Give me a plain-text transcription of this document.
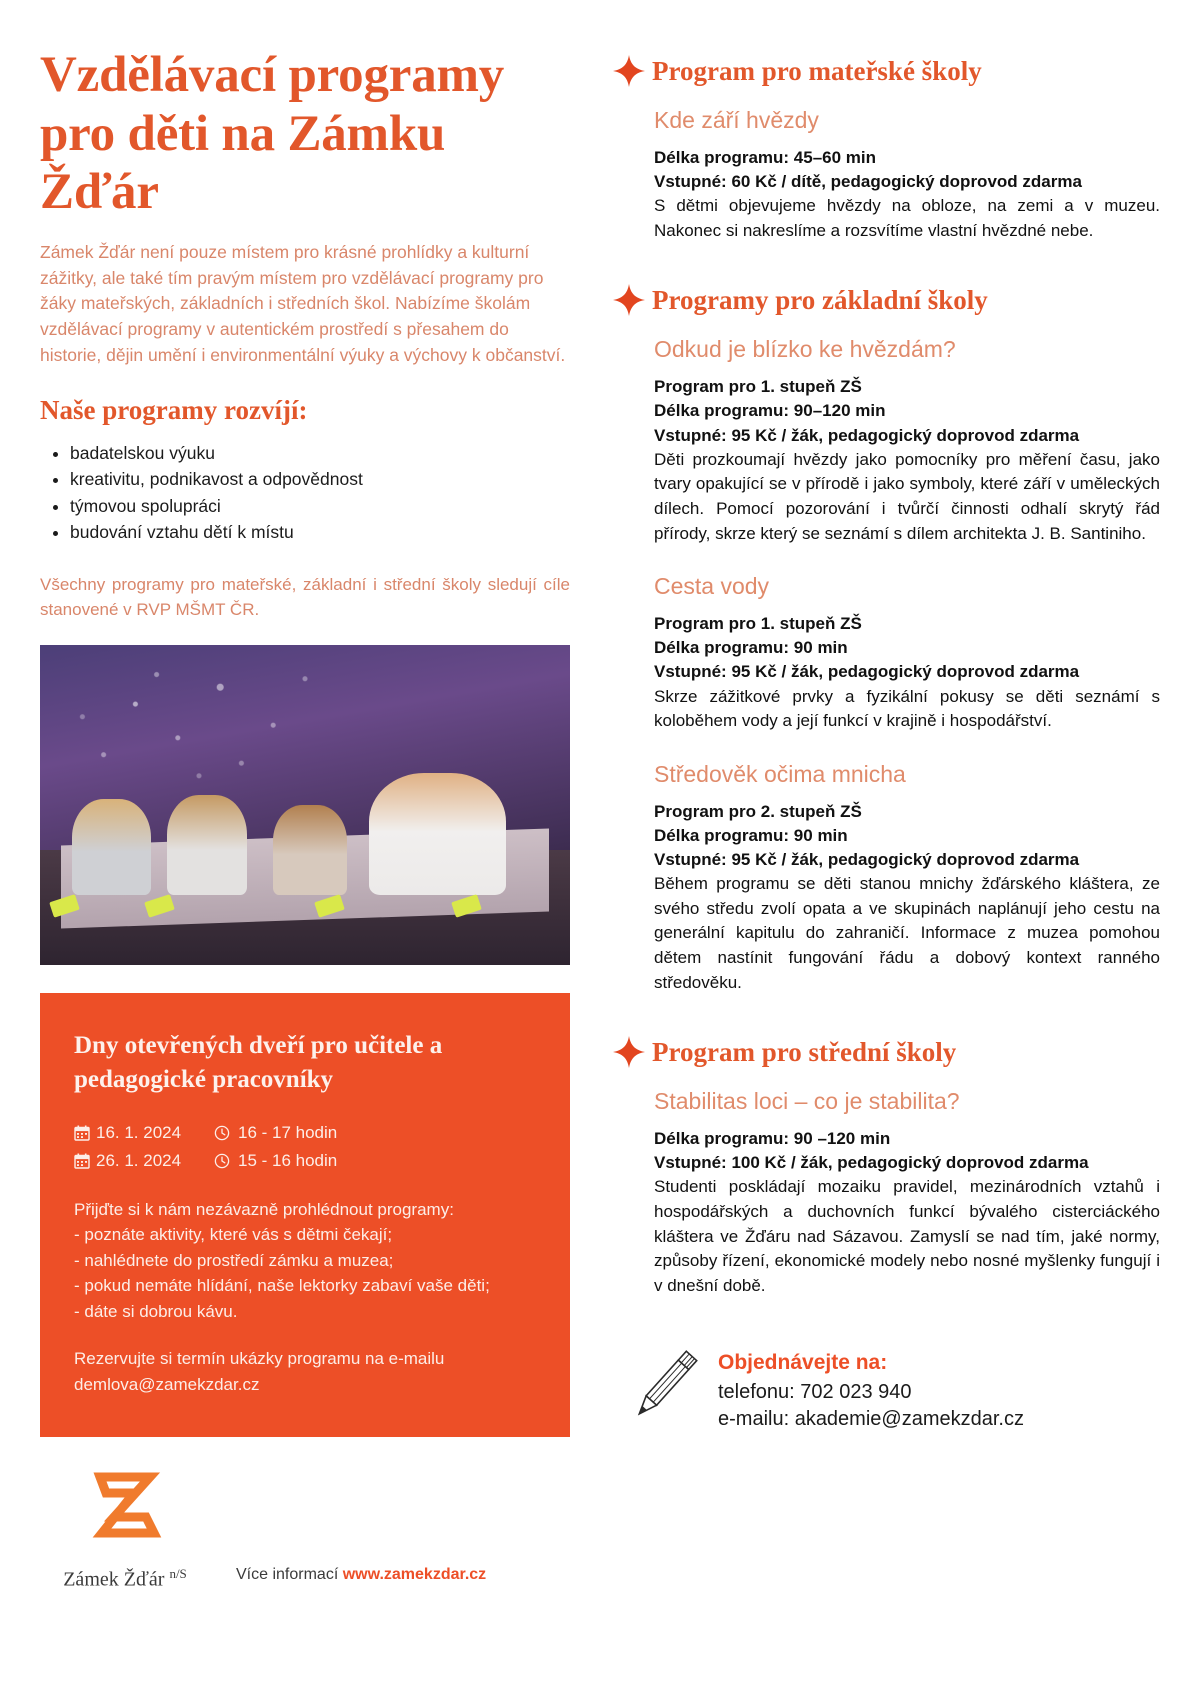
Vzdělávací programy pro děti na Zámku Žďár

Zámek Žďár není pouze místem pro krásné prohlídky a kulturní zážitky, ale také tím pravým místem pro vzdělávací programy pro žáky mateřských, základních i středních škol. Nabízíme školám vzdělávací programy v autentickém prostředí s přesahem do historie, dějin umění i environmentální výuky a výchovy k občanství.

Naše programy rozvíjí:
• badatelskou výuku
• kreativitu, podnikavost a odpovědnost
• týmovou spolupráci
• budování vztahu dětí k místu

Všechny programy pro mateřské, základní i střední školy sledují cíle stanovené v RVP MŠMT ČR.

Dny otevřených dveří pro učitele a pedagogické pracovníky
16. 1. 2024	16 - 17 hodin
26. 1. 2024	15 - 16 hodin
Přijďte si k nám nezávazně prohlédnout programy:
- poznáte aktivity, které vás s dětmi čekají;
- nahlédnete do prostředí zámku a muzea;
- pokud nemáte hlídání, naše lektorky zabaví vaše děti;
- dáte si dobrou kávu.
Rezervujte si termín ukázky programu na e-mailu demlova@zamekzdar.cz
Zámek Žďár $^{n/S}$	Více informací www.zamekzdar.cz
Program pro mateřské školy
Kde září hvězdy

Délka programu: 45–60 min

Vstupné: 60 Kč / dítě, pedagogický doprovod zdarma

S dětmi objevujeme hvězdy na obloze, na zemi a v muzeu. Nakonec si nakreslíme a rozsvítíme vlastní hvězdné nebe.

Programy pro základní školy
Odkud je blízko ke hvězdám?

Program pro 1. stupeň ZŠ

Délka programu: 90–120 min

Vstupné: 95 Kč / žák, pedagogický doprovod zdarma

Děti prozkoumají hvězdy jako pomocníky pro měření času, jako tvary opakující se v přírodě i jako symboly, které září v uměleckých dílech. Pomocí pozorování i tvůrčí činnosti odhalí skrytý řád přírody, skrze který se seznámí s dílem architekta J. B. Santiniho.

Cesta vody

Program pro 1. stupeň ZŠ

Délka programu: 90 min

Vstupné: 95 Kč / žák, pedagogický doprovod zdarma

Skrze zážitkové prvky a fyzikální pokusy se děti seznámí s koloběhem vody a její funkcí v krajině i hospodářství.

Středověk očima mnicha

Program pro 2. stupeň ZŠ

Délka programu: 90 min

Vstupné: 95 Kč / žák, pedagogický doprovod zdarma

Během programu se děti stanou mnichy žďárského kláštera, ze svého středu zvolí opata a ve skupinách naplánují jeho cestu na generální kapitulu do zahraničí. Informace z muzea pomohou dětem nastínit fungování řádu a dobový kontext ranného středověku.

Program pro střední školy
Stabilitas loci – co je stabilita?

Délka programu: 90 –120 min

Vstupné: 100 Kč / žák, pedagogický doprovod zdarma

Studenti poskládají mozaiku pravidel, mezinárodních vztahů i hospodářských a duchovních funkcí bývalého cisterciáckého kláštera ve Žďáru nad Sázavou. Zamyslí se nad tím, jaké normy, způsoby řízení, ekonomické modely nebo nosné myšlenky fungují i v dnešní době.

Objednávejte na:

telefonu: 702 023 940

e-mailu: akademie@zamekzdar.cz
